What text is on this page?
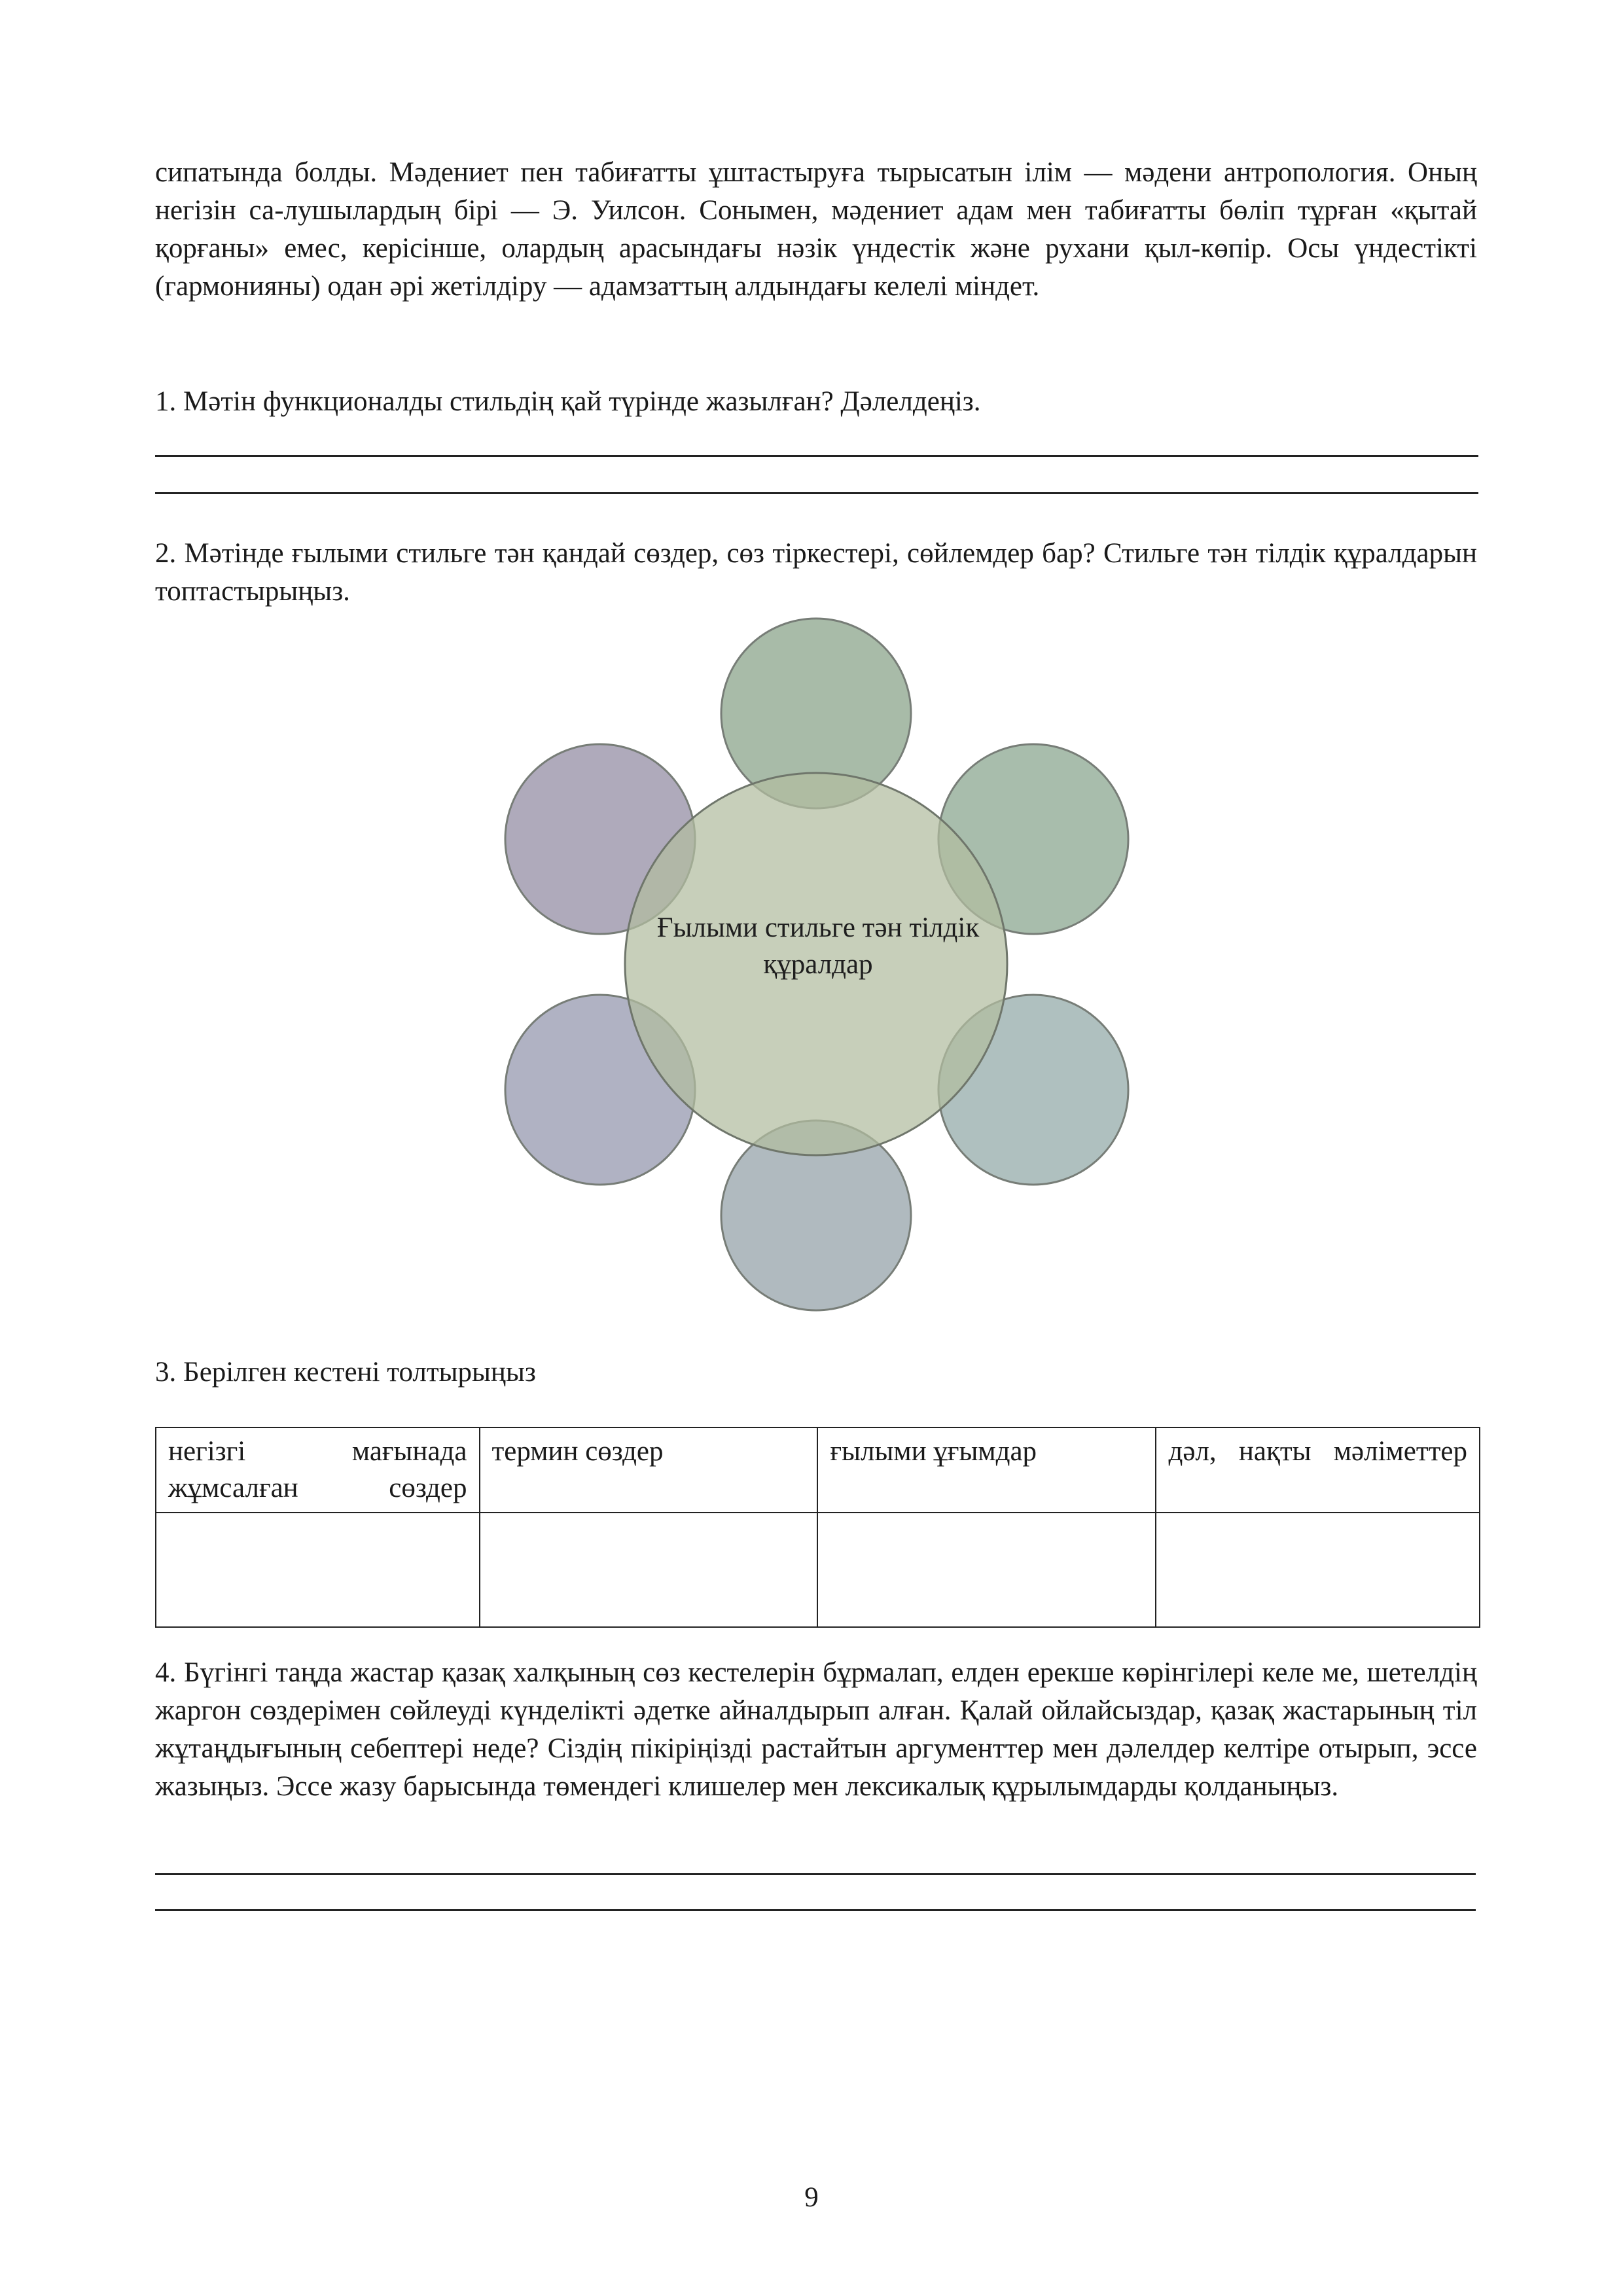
сипатында болды. Мәдениет пен табиғатты ұштастыруға тырысатын ілім — мәдени антропология. Оның негізін са-лушылардың бірі — Э. Уилсон. Сонымен, мәдениет адам мен табиғатты бөліп тұрған «қытай қорғаны» емес, керісінше, олардың арасындағы нәзік үндестік және рухани қыл-көпір. Осы үндестікті (гармонияны) одан әрі жетілдіру — адамзаттың алдындағы келелі міндет.

1. Мәтін функционалды стильдің қай түрінде жазылған? Дәлелдеңіз.

2. Мәтінде ғылыми стильге тән қандай сөздер, сөз тіркестері, сөйлемдер бар? Стильге тән тілдік құралдарын топтастырыңыз.

Ғылыми стильге тән тілдік құралдар

3. Берілген кестені толтырыңыз

негізгі мағынада жұмсалған сөздер	термин сөздер	ғылыми ұғымдар	дәл, нақты мәліметтер

4. Бүгінгі таңда жастар қазақ халқының сөз кестелерін бұрмалап, елден ерекше көрінгілері келе ме, шетелдің жаргон сөздерімен сөйлеуді күнделікті әдетке айналдырып алған. Қалай ойлайсыздар, қазақ жастарының тіл жұтаңдығының себептері неде? Сіздің пікіріңізді растайтын аргументтер мен дәлелдер келтіре отырып, эссе жазыңыз. Эссе жазу барысында төмендегі клишелер мен лексикалық құрылымдарды қолданыңыз.

9
